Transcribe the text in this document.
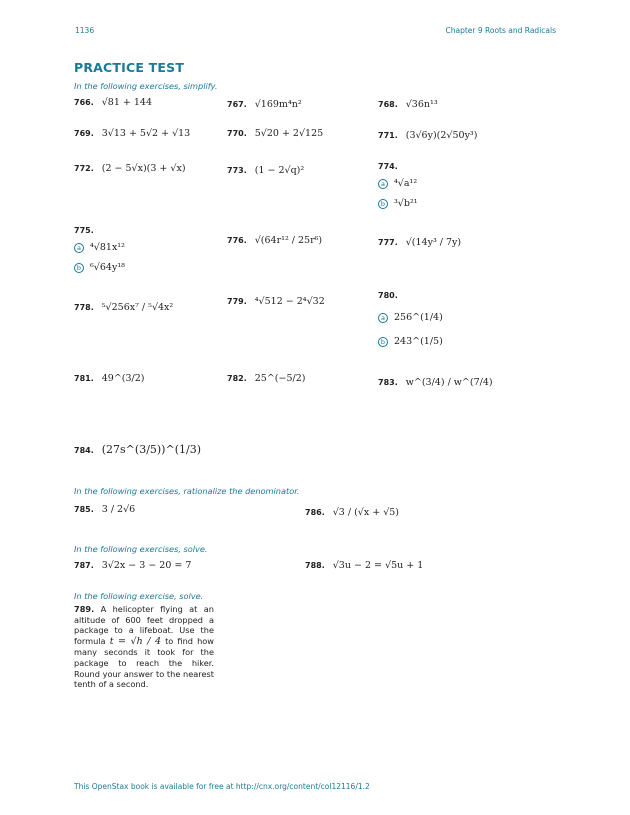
1136	Chapter 9 Roots and Radicals
PRACTICE TEST
In the following exercises, simplify.
766. √81 + 144	767. √169m⁴n²	768. √36n¹³
769. 3√13 + 5√2 + √13	770. 5√20 + 2√125	771. (3√6y)(2√50y³)
772. (2 − 5√x)(3 + √x)	773. (1 − 2√q)²	774.
a ⁴√a¹²
b ³√b²¹
775.
a ⁴√81x¹²
b ⁶√64y¹⁸
776. √(64r¹² / 25r⁶)	777. √(14y³ / 7y)
778. ⁵√256x⁷ / ⁵√4x²
779. ⁴√512 − 2⁴√32
780.
a 256^(1/4)
b 243^(1/5)
781. 49^(3/2)	782. 25^(−5/2)	783. w^(3/4) / w^(7/4)
784. (27s^(3/5))^(1/3)
In the following exercises, rationalize the denominator.
785. 3 / 2√6	786. √3 / (√x + √5)
In the following exercises, solve.
787. 3√2x − 3 − 20 = 7	788. √3u − 2 = √5u + 1
In the following exercise, solve.
789. A helicopter flying at an altitude of 600 feet dropped a package to a lifeboat. Use the formula t = √h / 4 to find how many seconds it took for the package to reach the hiker. Round your answer to the nearest tenth of a second.
This OpenStax book is available for free at http://cnx.org/content/col12116/1.2
